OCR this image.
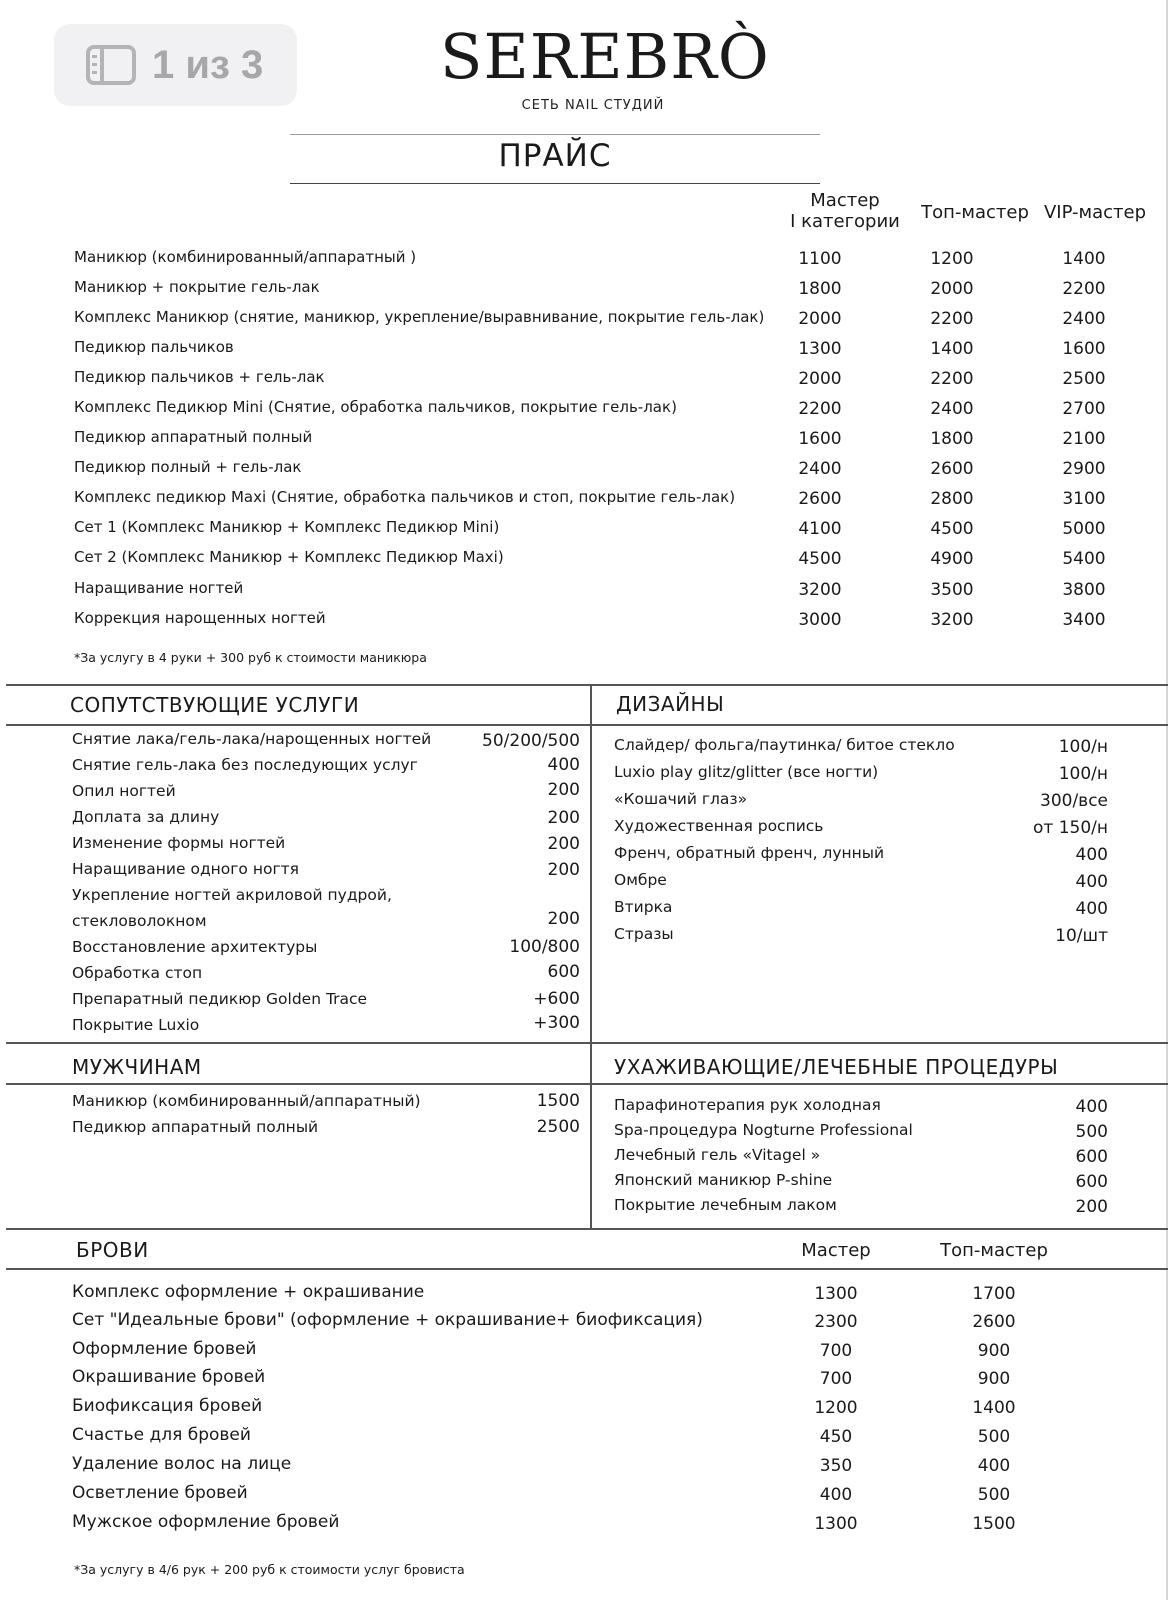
1 из 3	SEREBRÒ
СЕТЬ NAIL СТУДИЙ
ПРАЙС
Мастер
I категории	Топ-мастер VIP-мастер
Маникюр (комбинированный/аппаратный )	1100	1200	1400
Маникюр + покрытие гель-лак	1800	2000	2200
Комплекс Маникюр (снятие, маникюр, укрепление/выравнивание, покрытие гель-лак)	2000	2200	2400
Педикюр пальчиков	1300	1400	1600
Педикюр пальчиков + гель-лак	2000	2200	2500
Комплекс Педикюр Mini (Снятие, обработка пальчиков, покрытие гель-лак)	2200	2400	2700
Педикюр аппаратный полный	1600	1800	2100
Педикюр полный + гель-лак	2400	2600	2900
Комплекс педикюр Maxi (Снятие, обработка пальчиков и стоп, покрытие гель-лак)	2600	2800	3100
Сет 1 (Комплекс Маникюр + Комплекс Педикюр Mini)	4100	4500	5000
Сет 2 (Комплекс Маникюр + Комплекс Педикюр Maxi)	4500	4900	5400
Наращивание ногтей	3200	3500	3800
Коррекция нарощенных ногтей	3000	3200	3400
*За услугу в 4 руки + 300 руб к стоимости маникюра
СОПУТСТВУЮЩИЕ УСЛУГИ	ДИЗАЙНЫ
Снятие лака/гель-лака/нарощенных ногтей	50/200/500
Снятие гель-лака без последующих услуг	400
Опил ногтей	200
Доплата за длину	200
Изменение формы ногтей	200
Наращивание одного ногтя	200
Укрепление ногтей акриловой пудрой,
стекловолокном	200
Восстановление архитектуры	100/800
Обработка стоп	600
Препаратный педикюр Golden Trace	+600
Покрытие Luxio	+300
Слайдер/ фольга/паутинка/ битое стекло	100/н
Luxio play glitz/glitter (все ногти)	100/н
«Кошачий глаз»	300/все
Художественная роспись	от 150/н
Френч, обратный френч, лунный	400
Омбре	400
Втирка	400
Стразы	10/шт
МУЖЧИНАМ	УХАЖИВАЮЩИЕ/ЛЕЧЕБНЫЕ ПРОЦЕДУРЫ
Маникюр (комбинированный/аппаратный)	1500
Педикюр аппаратный полный	2500
Парафинотерапия рук холодная	400
Spa-процедура Nogturne Professional	500
Лечебный гель «Vitagel »	600
Японский маникюр P-shine	600
Покрытие лечебным лаком	200
БРОВИ	Мастер	Топ-мастер
Комплекс оформление + окрашивание	1300	1700
Сет "Идеальные брови" (оформление + окрашивание+ биофиксация)	2300	2600
Оформление бровей	700	900
Окрашивание бровей	700	900
Биофиксация бровей	1200	1400
Счастье для бровей	450	500
Удаление волос на лице	350	400
Осветление бровей	400	500
Мужское оформление бровей	1300	1500
*За услугу в 4/6 рук + 200 руб к стоимости услуг бровиста
